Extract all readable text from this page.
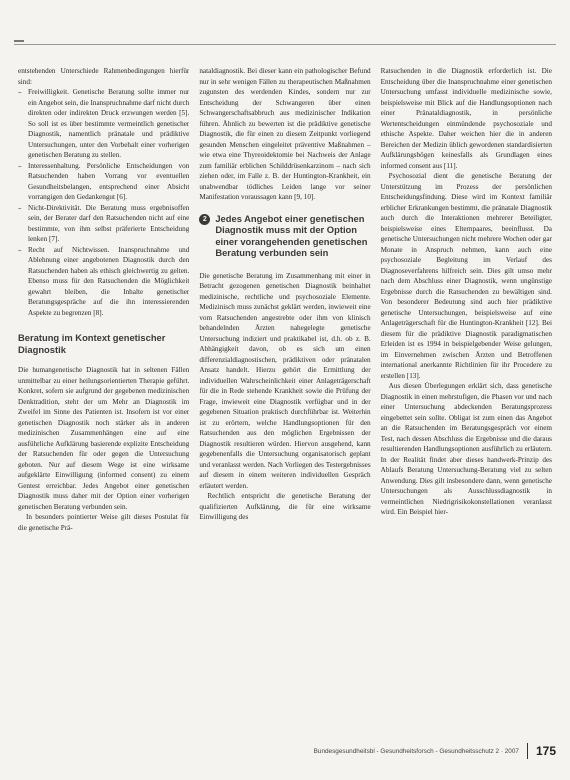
entstehenden Unterschiede Rahmenbedingungen hierfür sind:

– Freiwilligkeit. Genetische Beratung sollte immer nur ein Angebot sein, die Inanspruchnahme darf nicht durch direkten oder indirekten Druck erzwungen werden [5]. So soll ist es über bestimmte vermeintlich genetischer Diagnostik, namentlich pränatale und prädiktive Untersuchungen, unter den Vorbehalt einer vorherigen genetischen Beratung zu stellen.
– Interessenhaltung. Persönliche Entscheidungen von Ratsuchenden haben Vorrang vor eventuellen Gesundheitsbelangen, entsprechend einer Absicht vorrangigen den Gedankengut [6].
– Nicht-Direktivität. Die Beratung muss ergebnisoffen sein, der Berater darf den Ratsuchenden nicht auf eine bestimmte, von ihm selbst präferierte Entscheidung lenken [7].
– Recht auf Nichtwissen. Inanspruchnahme und Ablehnung einer angebotenen Diagnostik durch den Ratsuchenden haben als ethisch gleichwertig zu gelten. Ebenso muss für den Ratsuchenden die Möglichkeit gewahrt bleiben, die Inhalte genetischer Beratungsgespräche auf die ihn interessierenden Aspekte zu begrenzen [8].
Beratung im Kontext genetischer Diagnostik

Die humangenetische Diagnostik hat in seltenen Fällen unmittelbar zu einer heilungsorientierten Therapie geführt. Konkret, sofern sie aufgrund der gegebenen medizinischen Denktradition, steht der um Mehr an Diagnostik im Zweifel im Sinne des Patienten ist. Insofern ist vor einer genetischen Diagnostik noch stärker als in anderen medizinischen Zusammenhängen eine auf eine ausführliche Aufklärung basierende explizite Entscheidung der Ratsuchenden für oder gegen die Untersuchung geboten. Nur auf diesem Wege ist eine wirksame aufgeklärte Einwilligung (informed consent) zu einem Gentest erreichbar. Jedes Angebot einer genetischen Diagnostik muss daher mit der Option einer vorherigen genetischen Beratung verbunden sein.

In besonders pointierter Weise gilt dieses Postulat für die genetische Prä-

nataldiagnostik. Bei dieser kann ein pathologischer Befund nur in sehr wenigen Fällen zu therapeutischen Maßnahmen zugunsten des werdenden Kindes, sondern nur zur Entscheidung der Schwangeren über einen Schwangerschaftsabbruch aus medizinischer Indikation führen. Ähnlich zu bewerten ist die prädiktive genetische Diagnostik, die für einen zu diesem Zeitpunkt vorliegend gesunden Menschen eingeleitet präventive Maßnahmen – wie etwa eine Thyreoidektomie bei Nachweis der Anlage zum familiär erblichen Schilddrüsenkarzinom – nach sich ziehen oder, im Falle z. B. der Huntington-Krankheit, ein unabwendbar tödliches Leiden lange vor seiner Manifestation voraussagen kann [9, 10].

2 Jedes Angebot einer genetischen Diagnostik muss mit der Option einer vorangehenden genetischen Beratung verbunden sein

Die genetische Beratung im Zusammenhang mit einer in Betracht gezogenen genetischen Diagnostik beinhaltet medizinische, rechtliche und psychosoziale Elemente. Medizinisch muss zunächst geklärt werden, inwieweit eine vom Ratsuchenden angestrebte oder ihm von klinisch behandelnden Ärzten nahegelegte genetische Untersuchung indiziert und praktikabel ist, d.h. ob z. B. Abhängigkeit davon, ob es sich um einen differenzialdiagnostischen, prädiktiven oder pränatalen Ansatz handelt. Hierzu gehört die Ermittlung der individuellen Wahrscheinlichkeit einer Anlageträgerschaft für die in Rede stehende Krankheit sowie die Prüfung der Frage, inwieweit eine Diagnostik verfügbar und in der gegebenen Situation praktisch durchführbar ist. Weiterhin ist zu erörtern, welche Handlungsoptionen für den Ratsuchenden aus den möglichen Ergebnissen der Diagnostik resultieren würden. Hiervon ausgehend, kann gegebenenfalls die Untersuchung organisatorisch geplant und veranlasst werden. Nach Vorliegen des Testergebnisses auf diesem in einem weiteren individuellen Gespräch erläutert werden.

Rechtlich entspricht die genetische Beratung der qualifizierten Aufklärung, die für eine wirksame Einwilligung des

Ratsuchenden in die Diagnostik erforderlich ist. Die Entscheidung über die Inanspruchnahme einer genetischen Untersuchung umfasst individuelle medizinische sowie, beispielsweise mit Blick auf die Handlungsoptionen nach einer Pränataldiagnostik, in persönliche Wertentscheidungen einmündende psychosoziale und ethische Aspekte. Daher weichen hier die in anderen Bereichen der Medizin üblich gewordenen standardisierten Aufklärungsbögen keinesfalls als Grundlagen eines informed consent aus [11].

Psychosozial dient die genetische Beratung der Unterstützung im Prozess der persönlichen Entscheidungsfindung. Diese wird im Kontext familiär erblicher Erkrankungen bestimmt, die pränatale Diagnostik auch durch die Interaktionen mehrerer Beteiligter, beispielsweise eines Elternpaares, beeinflusst. Da genetische Untersuchungen nicht mehrere Wochen oder gar Monate in Anspruch nehmen, kann auch eine psychosoziale Begleitung im Verlauf des Diagnoseverfahrens hilfreich sein. Dies gilt umso mehr nach dem Abschluss einer Diagnostik, wenn ungünstige Ergebnisse durch die Ratsuchenden zu bewältigen sind. Von besonderer Bedeutung sind auch hier prädiktive genetische Untersuchungen, beispielsweise auf eine Anlageträgerschaft für die Huntington-Krankheit [12]. Bei diesem für die prädiktive Diagnostik paradigmatischen Erleiden ist es 1994 in beispielgebender Weise gelungen, im Einvernehmen zwischen Ärzten und Betroffenen international anerkannte Richtlinien für ihr Procedere zu erstellen [13].

Aus diesen Überlegungen erklärt sich, dass genetische Diagnostik in einen mehrstufigen, die Phasen vor und nach einer Untersuchung abdeckenden Beratungsprozess eingebettet sein sollte. Obligat ist zum einen das Angebot an die Ratsuchenden im Beratungsgespräch vor einem Test, nach dessen Abschluss die Ergebnisse und die daraus resultierenden Handlungsoptionen ausführlich zu erläutern. In der Realität findet aber dieses handwerk-Prinzip des Ablaufs Beratung Untersuchung-Beratung viel zu selten Anwendung. Dies gilt insbesondere dann, wenn genetische Untersuchungen als Ausschlussdiagnostik in vermeintlichen Niedrigrisikokonstellationen veranlasst wird. Ein Beispiel hier-

Bundesgesundheitsbl - Gesundheitsforsch - Gesundheitsschutz 2 · 2007 175
